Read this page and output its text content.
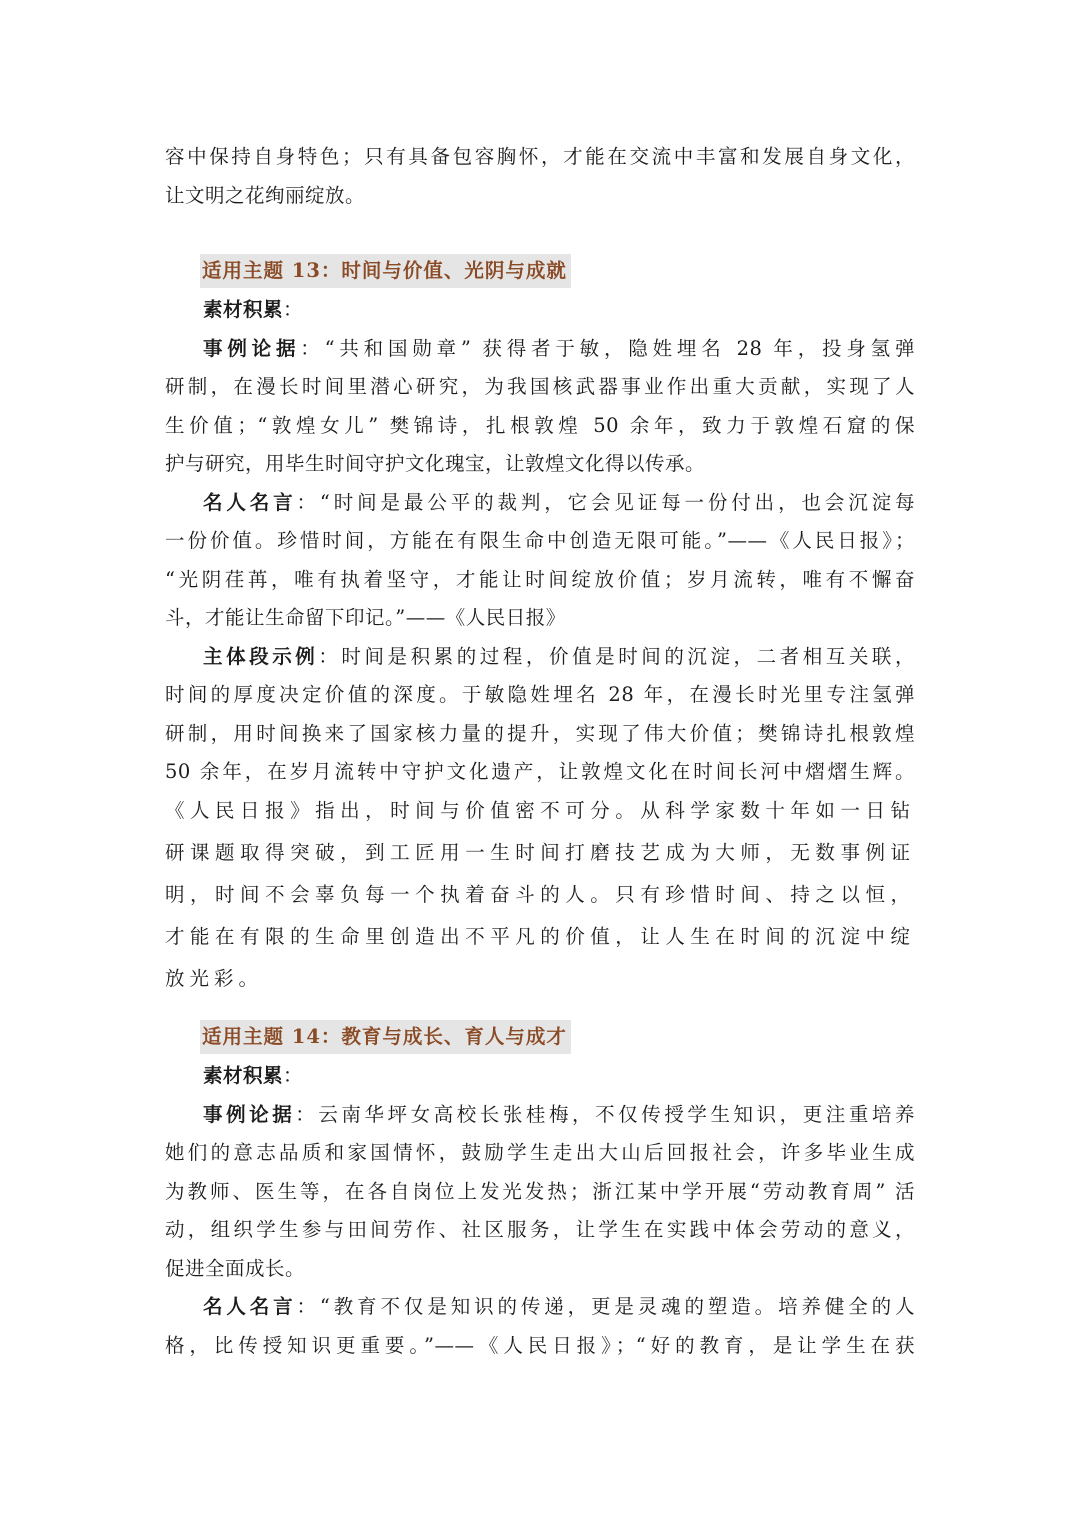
容中保持自身特色；只有具备包容胸怀，才能在交流中丰富和发展自身文化，
让文明之花绚丽绽放。
适用主题 13：时间与价值、光阴与成就
素材积累：
事例论据：“共和国勋章” 获得者于敏，隐姓埋名 28 年，投身氢弹
研制，在漫长时间里潜心研究，为我国核武器事业作出重大贡献，实现了人
生价值；“敦煌女儿” 樊锦诗，扎根敦煌 50 余年，致力于敦煌石窟的保
护与研究，用毕生时间守护文化瑰宝，让敦煌文化得以传承。
名人名言：“时间是最公平的裁判，它会见证每一份付出，也会沉淀每
一份价值。珍惜时间，方能在有限生命中创造无限可能。”——《人民日报》；
“光阴荏苒，唯有执着坚守，才能让时间绽放价值；岁月流转，唯有不懈奋
斗，才能让生命留下印记。”——《人民日报》
主体段示例：时间是积累的过程，价值是时间的沉淀，二者相互关联，
时间的厚度决定价值的深度。于敏隐姓埋名 28 年，在漫长时光里专注氢弹
研制，用时间换来了国家核力量的提升，实现了伟大价值；樊锦诗扎根敦煌
50 余年，在岁月流转中守护文化遗产，让敦煌文化在时间长河中熠熠生辉。
《人民日报》指出，时间与价值密不可分。从科学家数十年如一日钻
研课题取得突破，到工匠用一生时间打磨技艺成为大师，无数事例证
明，时间不会辜负每一个执着奋斗的人。只有珍惜时间、持之以恒，
才能在有限的生命里创造出不平凡的价值，让人生在时间的沉淀中绽
放光彩。
适用主题 14：教育与成长、育人与成才
素材积累：
事例论据：云南华坪女高校长张桂梅，不仅传授学生知识，更注重培养
她们的意志品质和家国情怀，鼓励学生走出大山后回报社会，许多毕业生成
为教师、医生等，在各自岗位上发光发热；浙江某中学开展“劳动教育周” 活
动，组织学生参与田间劳作、社区服务，让学生在实践中体会劳动的意义，
促进全面成长。
名人名言：“教育不仅是知识的传递，更是灵魂的塑造。培养健全的人
格，比传授知识更重要。”——《人民日报》；“好的教育，是让学生在获
